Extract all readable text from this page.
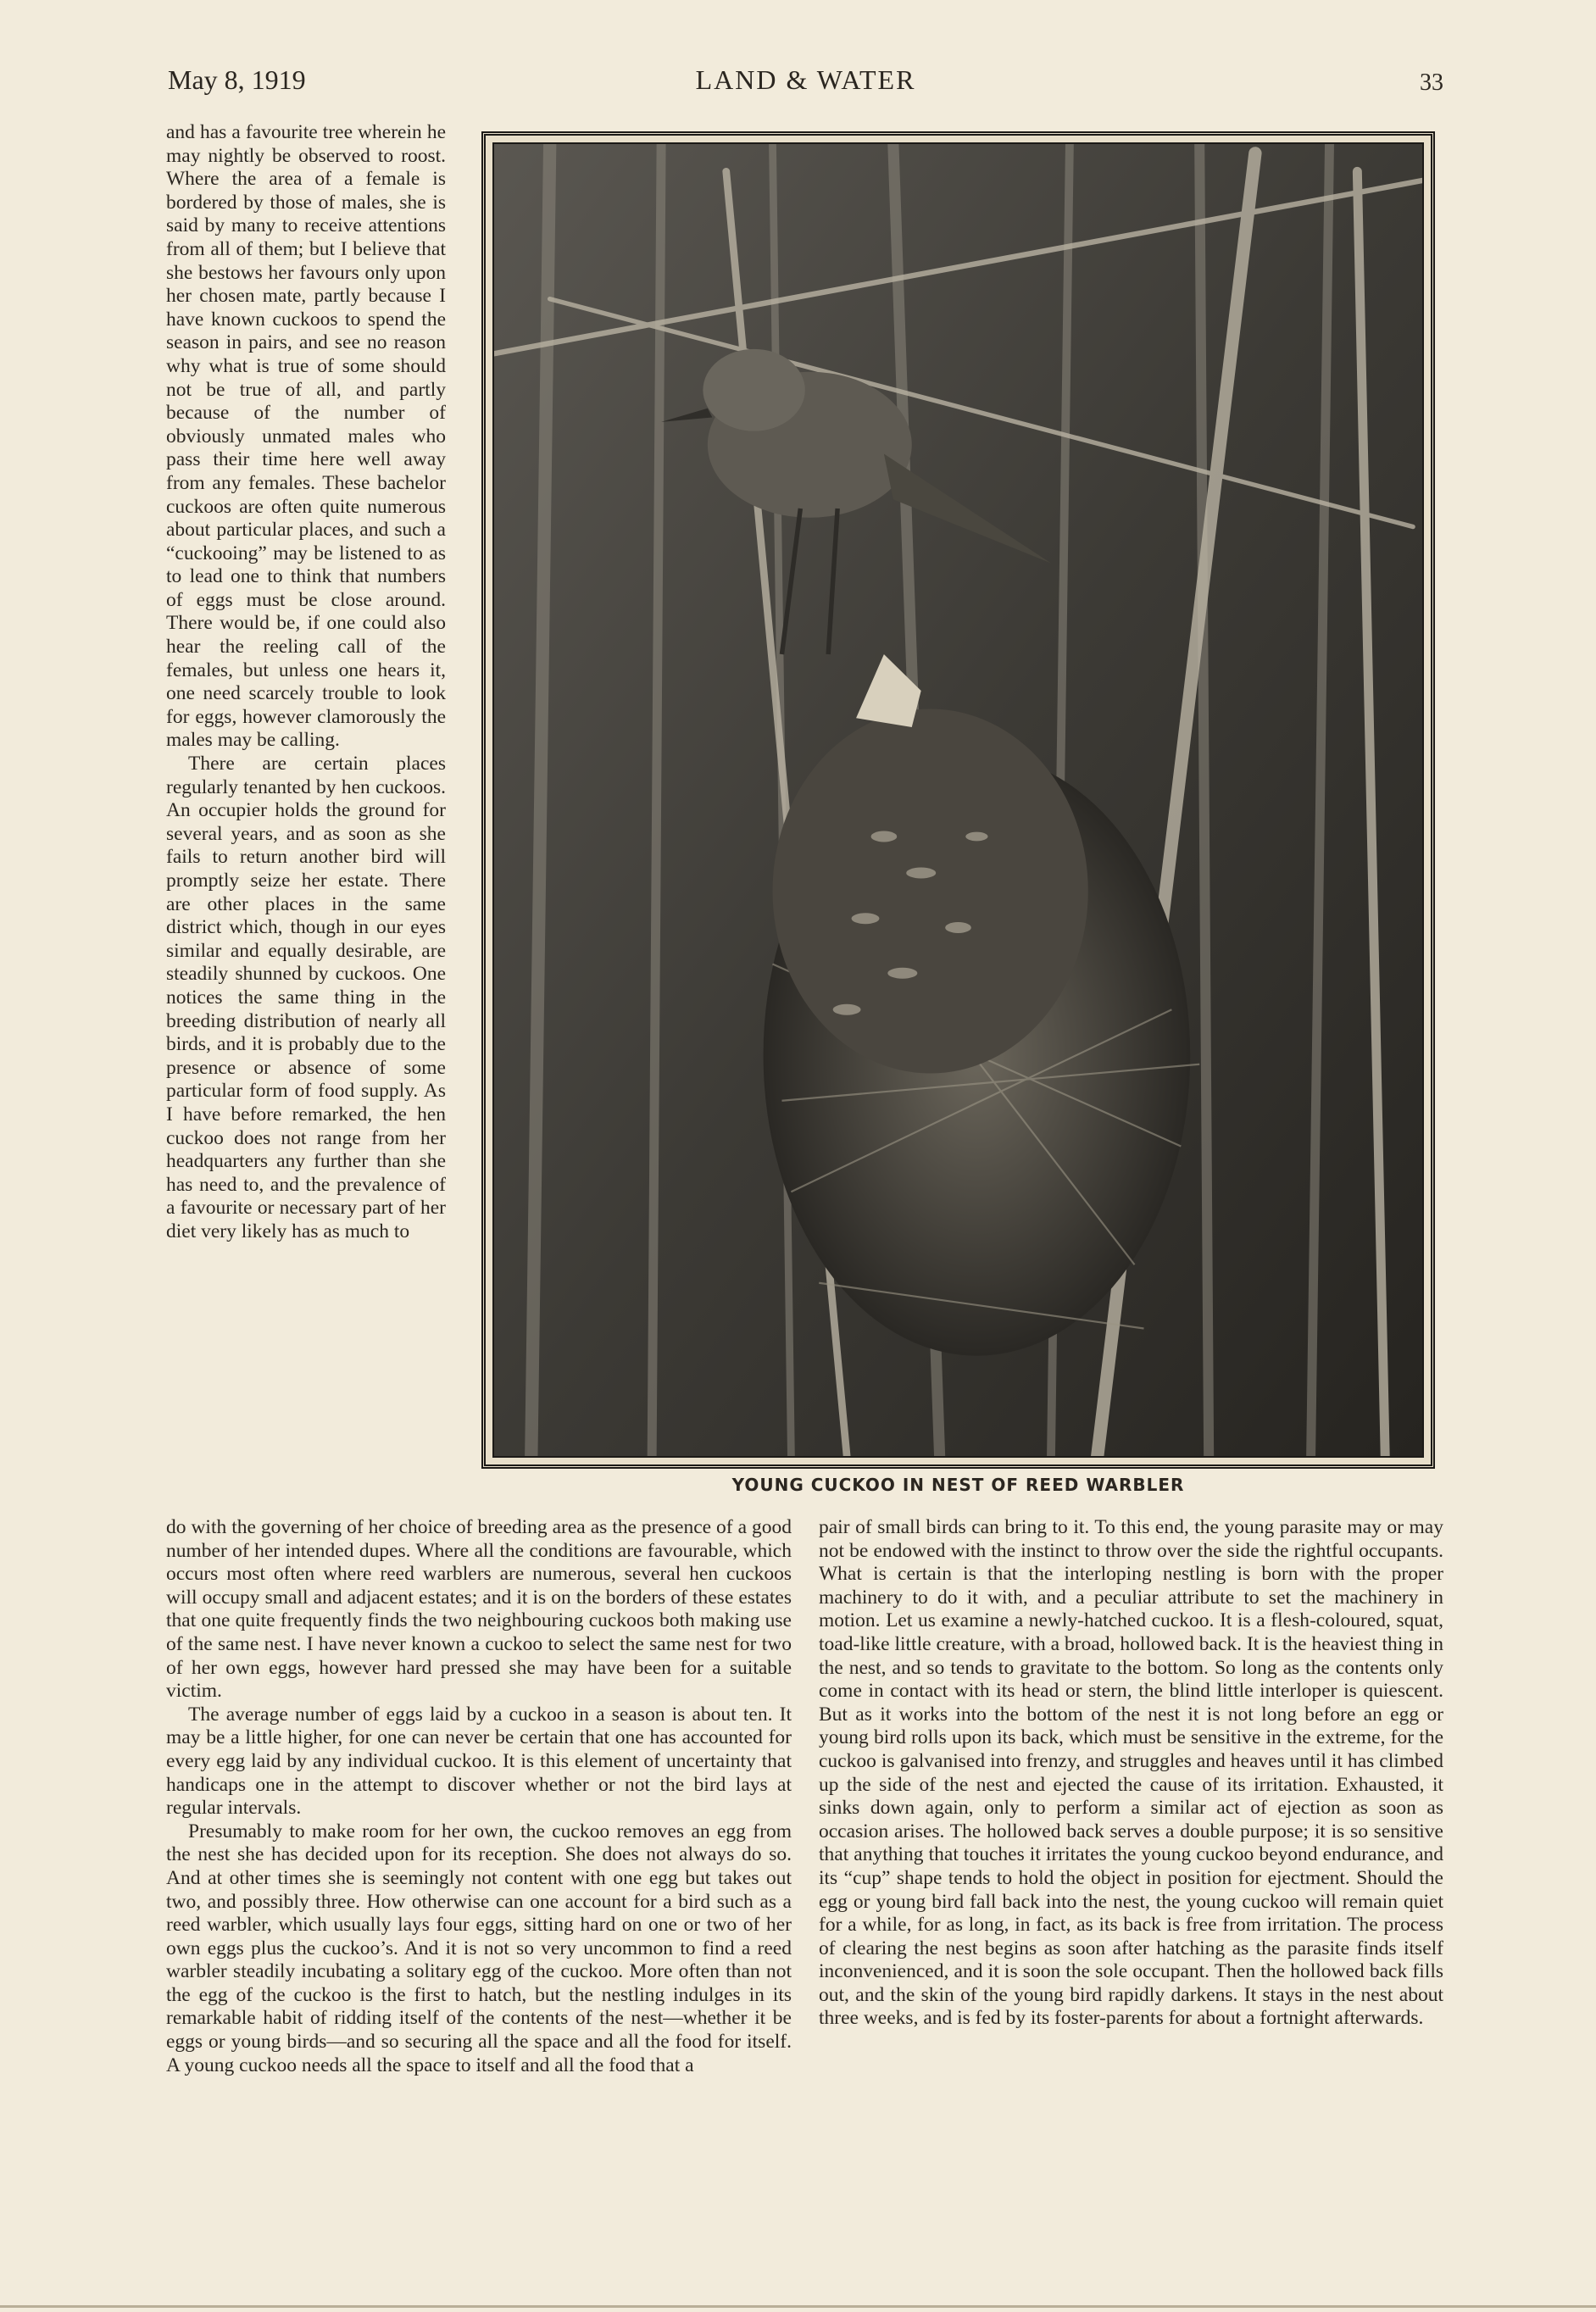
May 8, 1919	LAND & WATER	33

and has a favourite tree wherein he may nightly be observed to roost. Where the area of a female is bordered by those of males, she is said by many to receive attentions from all of them; but I believe that she bestows her favours only upon her chosen mate, partly because I have known cuckoos to spend the season in pairs, and see no reason why what is true of some should not be true of all, and partly because of the number of obviously unmated males who pass their time here well away from any females. These bachelor cuckoos are often quite numerous about particular places, and such a “cuckooing” may be listened to as to lead one to think that numbers of eggs must be close around. There would be, if one could also hear the reeling call of the females, but unless one hears it, one need scarcely trouble to look for eggs, however clamorously the males may be calling.

There are certain places regularly tenanted by hen cuckoos. An occupier holds the ground for several years, and as soon as she fails to return another bird will promptly seize her estate. There are other places in the same district which, though in our eyes similar and equally desirable, are steadily shunned by cuckoos. One notices the same thing in the breeding distribution of nearly all birds, and it is probably due to the presence or absence of some particular form of food supply. As I have before remarked, the hen cuckoo does not range from her headquarters any further than she has need to, and the prevalence of a favourite or necessary part of her diet very likely has as much to

YOUNG CUCKOO IN NEST OF REED WARBLER

do with the governing of her choice of breeding area as the presence of a good number of her intended dupes. Where all the conditions are favourable, which occurs most often where reed warblers are numerous, several hen cuckoos will occupy small and adjacent estates; and it is on the borders of these estates that one quite frequently finds the two neighbouring cuckoos both making use of the same nest. I have never known a cuckoo to select the same nest for two of her own eggs, however hard pressed she may have been for a suitable victim.

The average number of eggs laid by a cuckoo in a season is about ten. It may be a little higher, for one can never be certain that one has accounted for every egg laid by any individual cuckoo. It is this element of uncertainty that handicaps one in the attempt to discover whether or not the bird lays at regular intervals.

Presumably to make room for her own, the cuckoo removes an egg from the nest she has decided upon for its reception. She does not always do so. And at other times she is seemingly not content with one egg but takes out two, and possibly three. How otherwise can one account for a bird such as a reed warbler, which usually lays four eggs, sitting hard on one or two of her own eggs plus the cuckoo’s. And it is not so very uncommon to find a reed warbler steadily incubating a solitary egg of the cuckoo. More often than not the egg of the cuckoo is the first to hatch, but the nestling indulges in its remarkable habit of ridding itself of the contents of the nest—whether it be eggs or young birds—and so securing all the space and all the food for itself. A young cuckoo needs all the space to itself and all the food that a

pair of small birds can bring to it. To this end, the young parasite may or may not be endowed with the instinct to throw over the side the rightful occupants. What is certain is that the interloping nestling is born with the proper machinery to do it with, and a peculiar attribute to set the machinery in motion. Let us examine a newly-hatched cuckoo. It is a flesh-coloured, squat, toad-like little creature, with a broad, hollowed back. It is the heaviest thing in the nest, and so tends to gravitate to the bottom. So long as the contents only come in contact with its head or stern, the blind little interloper is quiescent. But as it works into the bottom of the nest it is not long before an egg or young bird rolls upon its back, which must be sensitive in the extreme, for the cuckoo is galvanised into frenzy, and struggles and heaves until it has climbed up the side of the nest and ejected the cause of its irritation. Exhausted, it sinks down again, only to perform a similar act of ejection as soon as occasion arises. The hollowed back serves a double purpose; it is so sensitive that anything that touches it irritates the young cuckoo beyond endurance, and its “cup” shape tends to hold the object in position for ejectment. Should the egg or young bird fall back into the nest, the young cuckoo will remain quiet for a while, for as long, in fact, as its back is free from irritation. The process of clearing the nest begins as soon after hatching as the parasite finds itself inconvenienced, and it is soon the sole occupant. Then the hollowed back fills out, and the skin of the young bird rapidly darkens. It stays in the nest about three weeks, and is fed by its foster-parents for about a fortnight afterwards.
